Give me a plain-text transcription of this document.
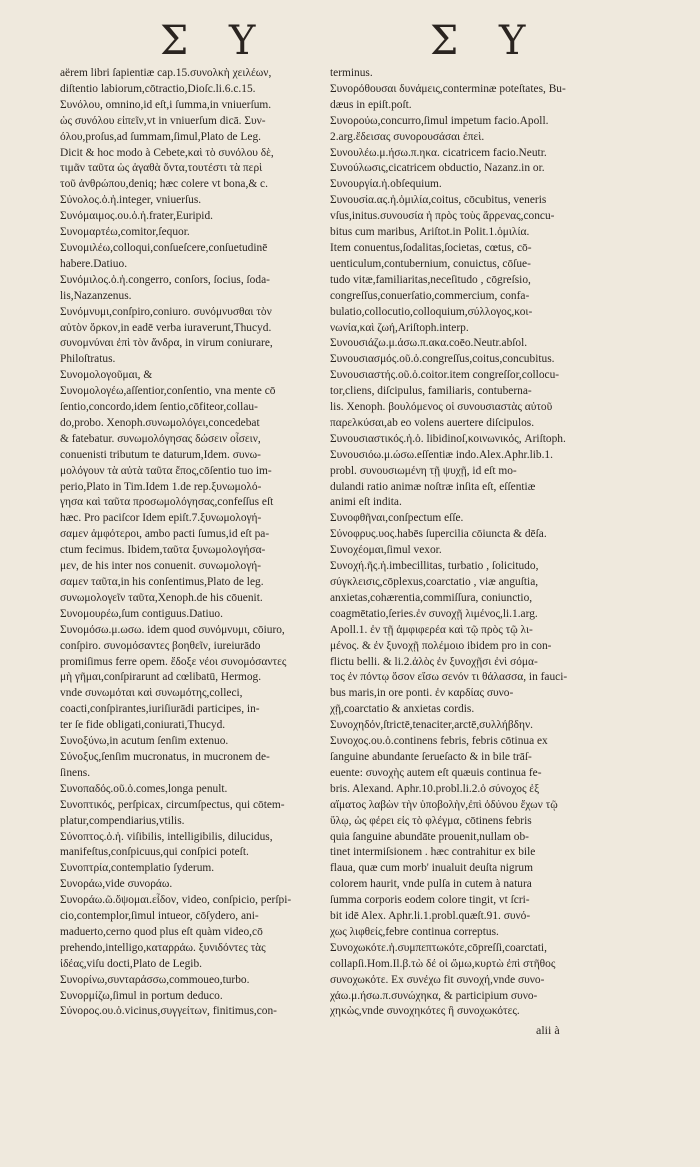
Σ Υ	Σ Υ
aërem libri ſapientiæ cap.15.συνολκὴ χειλέων,
diſtentio labiorum,cōtractio,Dioſc.li.6.c.15.
Συνόλου, omnino,id eſt,i ſumma,in vniuerſum.
ὡς συνόλου εἰπεῖν,vt in vniuerſum dicā. Συν-
όλου,proſus,ad ſummam,ſimul,Plato de Leg.
Dicit & hoc modo à Cebete,καὶ τὸ συνόλου δὲ,
τιμᾶν ταῦτα ὡς ἀγαθὰ ὄντα,τουτέστι τὰ περὶ
τοῦ ἀνθρώπου,deniq; hæc colere vt bona,& c.
Σύνολος.ὁ.ἡ.integer, vniuerſus.
Συνόμαιμος.ου.ὁ.ἡ.frater,Euripid.
Συνομαρτέω,comitor,ſequor.
Συνομιλέω,colloqui,conſueſcere,conſuetudinē
habere.Datiuo.
Συνόμιλος.ὁ.ἡ.congerro, conſors, ſocius, ſoda-
lis,Nazanzenus.
Συνόμνυμι,conſpiro,coniuro. συνόμνυσθαι τὸν
αὐτὸν ὅρκον,in eadē verba iuraverunt,Thucyd.
συνομνύναι ἐπὶ τὸν ἄνδρα, in virum coniurare,
Philoſtratus.
Συνομολογοῦμαι, &
Συνομολογέω,aſſentior,conſentio, vna mente cō
ſentio,concordo,idem ſentio,cōfiteor,collau-
do,probo. Xenoph.συνωμολόγει,concedebat
& fatebatur. συνωμολόγησας δώσειν οἶσειν,
conuenisti tributum te daturum,Idem. συνω-
μολόγουν τὰ αὐτὰ ταῦτα ἔπος,cōſentio tuo im-
perio,Plato in Tim.Idem 1.de rep.ξυνωμολό-
γησα καὶ ταῦτα προσωμολόγησας,confeſſus eſt
hæc. Pro paciſcor Idem epiſt.7.ξυνωμολογή-
σαμεν ἀμφότεροι, ambo pacti ſumus,id eſt pa-
ctum fecimus. Ibidem,ταῦτα ξυνωμολογήσα-
μεν, de his inter nos conuenit. συνωμολογή-
σαμεν ταῦτα,in his conſentimus,Plato de leg.
συνωμολογεῖν ταῦτα,Xenoph.de his cōuenit.
Συνομουρέω,ſum contiguus.Datiuo.
Συνομόσω.μ.ωσω. idem quod συνόμνυμι, cōiuro,
conſpiro. συνομόσαντες βοηθεῖν, iureiurādo
promiſimus ferre opem. ἔδοξε νέοι συνομόσαντες
μὴ γῆμαι,conſpirarunt ad cœlibatū, Hermog.
vnde συνωμόται καὶ συνωμότης,colleci,
coacti,conſpirantes,iuriſiurādi participes, in-
ter ſe fide obligati,coniurati,Thucyd.
Συνοξύνω,in acutum ſenſim extenuo.
Σύνοξυς,ſenſim mucronatus, in mucronem de-
ſinens.
Συνοπαδός.οῦ.ὁ.comes,longa penult.
Συνοπτικός, perſpicax, circumſpectus, qui cōtem-
platur,compendiarius,vtilis.
Σύνοπτος.ὁ.ἡ. viſibilis, intelligibilis, dilucidus,
manifeſtus,conſpicuus,qui conſpici poteſt.
Συνοπτρία,contemplatio ſyderum.
Συνοράω,vide συνοράω.
Συνοράω.ῶ.ὄψομαι.εἶδον, video, conſpicio, perſpi-
cio,contemplor,ſimul intueor, cōſydero, ani-
maduerto,cerno quod plus eſt quàm video,cō
prehendo,intelligo,καταρράω. ξυνιδόντες τὰς
ἰδέας,viſu docti,Plato de Legib.
Συνορίνω,συνταράσσω,commoueo,turbo.
Συνορμίζω,ſimul in portum deduco.
Σύνορος.ου.ὁ.vicinus,συγγείτων, finitimus,con-
terminus.
Συνορόθουσαι δυνάμεις,conterminæ poteſtates, Bu-
dæus in epiſt.poſt.
Συνορούω,concurro,ſimul impetum facio.Apoll.
2.arg.ἔδεισας συνορουσάσαι ἐπεὶ.
Συνουλέω.μ.ήσω.π.ηκα. cicatricem facio.Neutr.
Συνούλωσις,cicatricem obductio, Nazanz.in or.
Συνουργία.ἡ.obſequium.
Συνουσία.ας.ἡ.ὁμιλία,coitus, cōcubitus, veneris
vſus,initus.συνουσία ἡ πρὸς τοὺς ἄρρενας,concu-
bitus cum maribus, Ariſtot.in Polit.1.ὁμιλία.
Item conuentus,ſodalitas,ſocietas, cœtus, cō-
uenticulum,contubernium, conuictus, cōſue-
tudo vitæ,familiaritas,neceſitudo , cōgreſsio,
congreſſus,conuerſatio,commercium, confa-
bulatio,collocutio,colloquium,σύλλογος,κοι-
νωνία,καὶ ζωή,Ariſtoph.interp.
Συνουσιάζω.μ.άσω.π.ακα.coēo.Neutr.abſol.
Συνουσιασμός.οῦ.ὁ.congreſſus,coitus,concubitus.
Συνουσιαστής.οῦ.ὁ.coitor.item congreſſor,collocu-
tor,cliens, diſcipulus, familiaris, contuberna-
lis. Xenoph. βουλόμενος οἱ συνουσιαστὰς αὐτοῦ
παρελκύσαι,ab eo volens auertere diſcipulos.
Συνουσιαστικός.ἡ.ὁ. libidinoſ,κοινωνικός, Ariſtoph.
Συνουσιόω.μ.ώσω.eſſentiæ indo.Alex.Aphr.lib.1.
probl. συνουσιωμένη τῇ ψυχῇ, id eſt mo-
dulandi ratio animæ noſtræ inſita eſt, eſſentiæ
animi eſt indita.
Συνοφθῆναι,conſpectum eſſe.
Σύνοφρυς.υος.habēs ſupercilia cōiuncta & dēſa.
Συνοχέομαι,ſimul vexor.
Συνοχή.ῆς.ἡ.imbecillitas, turbatio , ſolicitudo,
σύγκλεισις,cōplexus,coarctatio , viæ anguſtia,
anxietas,cohærentia,commiſſura, coniunctio,
coagmētatio,ſeries.ἐν συνοχῇ λιμένος,li.1.arg.
Apoll.1. ἐν τῇ ἀμφιφερέα καὶ τῷ πρὸς τῷ λι-
μένος. & ἐν ξυνοχῇ πολέμοιο ibidem pro in con-
flictu belli. & li.2.ἀλὸς ἐν ξυνοχῇσι ἐνὶ σόμα-
τος ἐν πόντῳ ὅσον εἴσω σενόν τι θάλασσα, in fauci-
bus maris,in ore ponti. ἐν καρδίας συνο-
χῇ,coarctatio & anxietas cordis.
Συνοχηδόν,ſtrictē,tenaciter,arctē,συλλήβδην.
Συνοχος.ου.ὁ.continens febris, febris cōtinua ex
ſanguine abundante ſerueſacto & in bile trāſ-
euente: συνοχὴς autem eſt quæuis continua fe-
bris. Alexand. Aphr.10.probl.li.2.ὁ σύνοχος ἐξ
αἵματος λαβὼν τὴν ὑποβολὴν,ἐπὶ ὀδύνου ἔχων τῷ
ὕλῳ, ὡς φέρει εἰς τὸ φλέγμα, cōtinens febris
quia ſanguine abundāte prouenit,nullam ob-
tinet intermiſsionem . hæc contrahitur ex bile
flaua, quæ cum morb' inualuit deuſta nigrum
colorem haurit, vnde pulſa in cutem à natura
ſumma corporis eodem colore tingit, vt ſcri-
bit idē Alex. Aphr.li.1.probl.quæſt.91. συνό-
χως λιφθείς,febre continua correptus.
Συνοχωκότε.ἡ.συμπεπτωκότε,cōpreſſi,coarctati,
collapſi.Hom.Il.β.τὼ δέ οἱ ὤμω,κυρτὼ ἐπὶ στῆθος
συνοχωκότε. Ex συνέχω fit συνοχή,vnde συνο-
χάω.μ.ήσω.π.συνώχηκα, & participium συνο-
χηκὼς,vnde συνοχηκότες ἢ συνοχωκότες.
alii à
